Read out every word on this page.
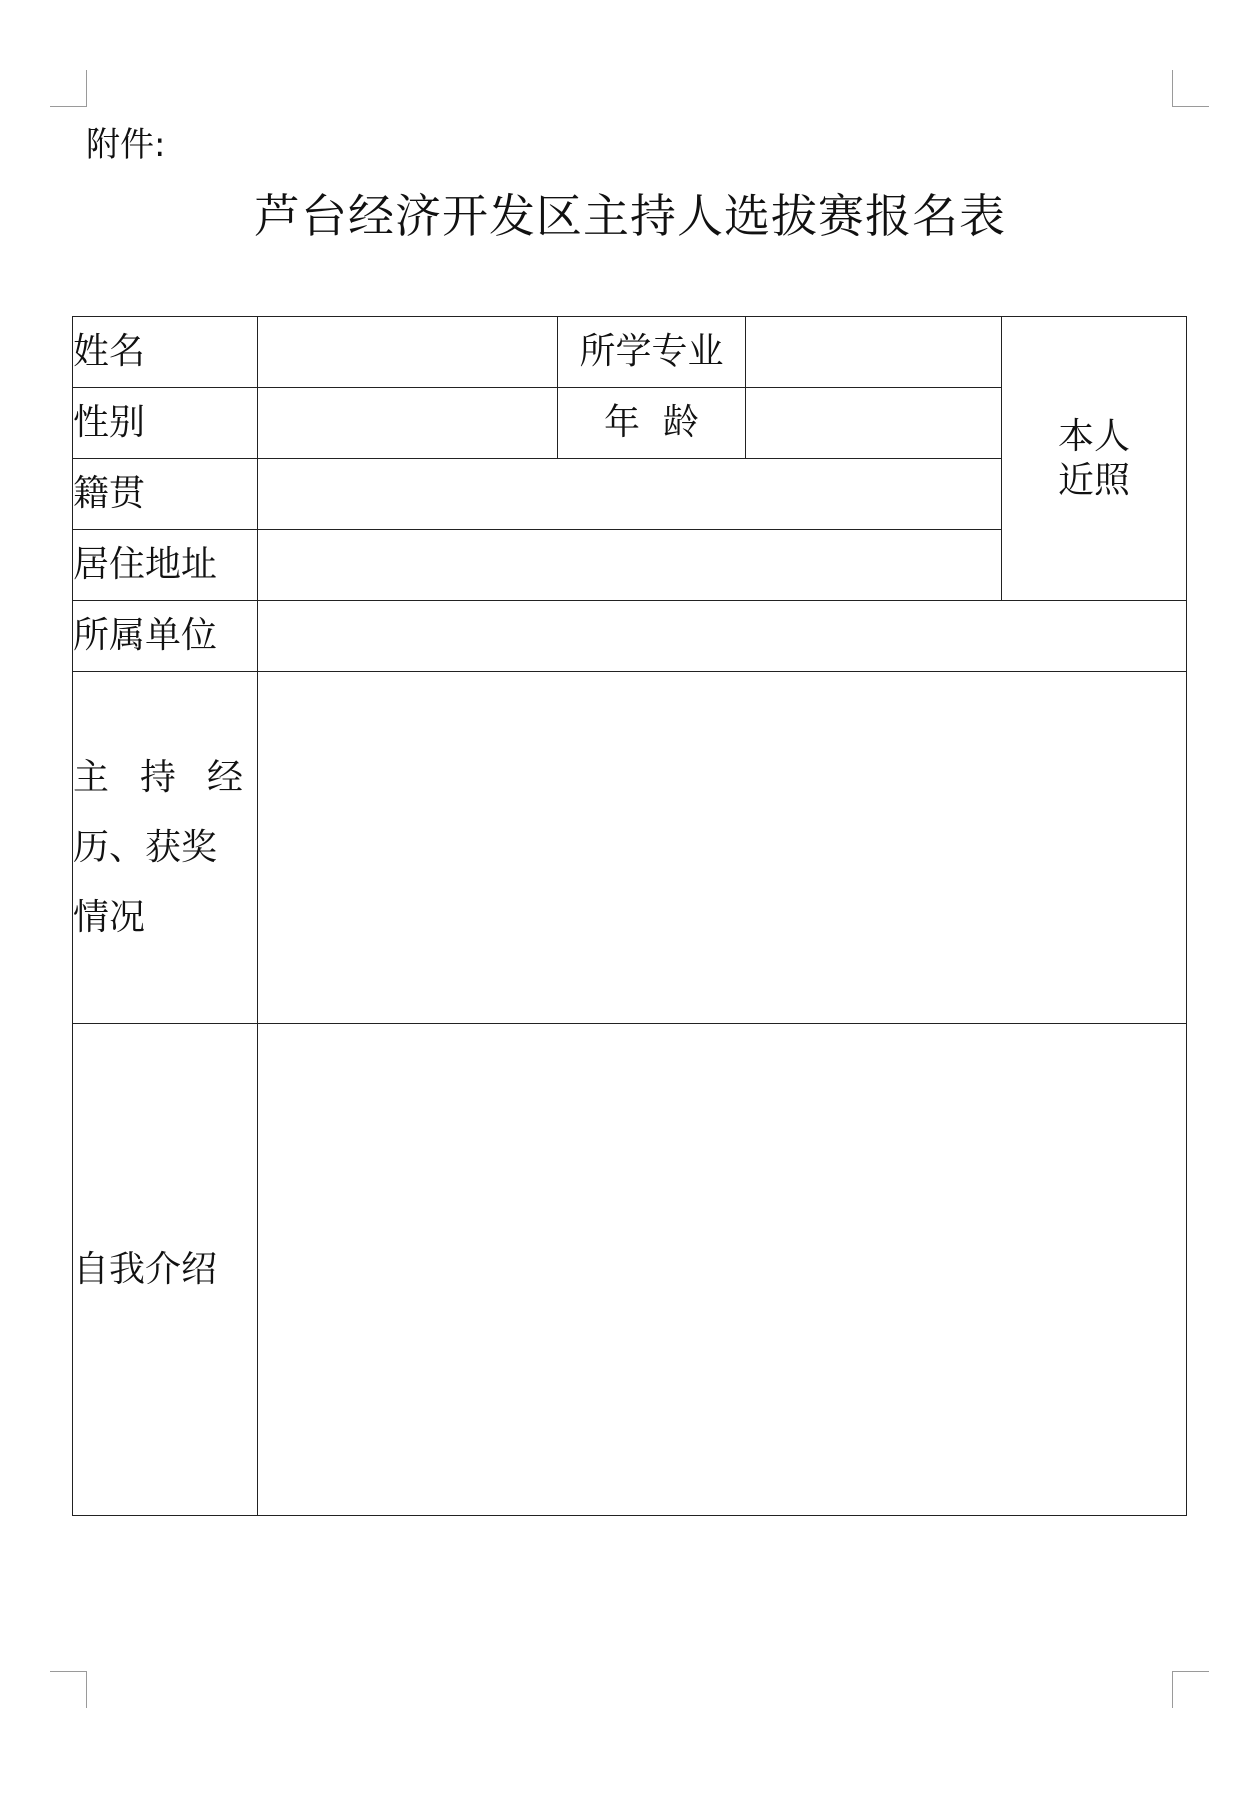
附件:
芦台经济开发区主持人选拔赛报名表
姓名		所学专业		本人
近照

性别		年  龄		
籍贯				
居住地址				
所属单位				

主 持 经
历、获奖
情况				

自我介绍				
